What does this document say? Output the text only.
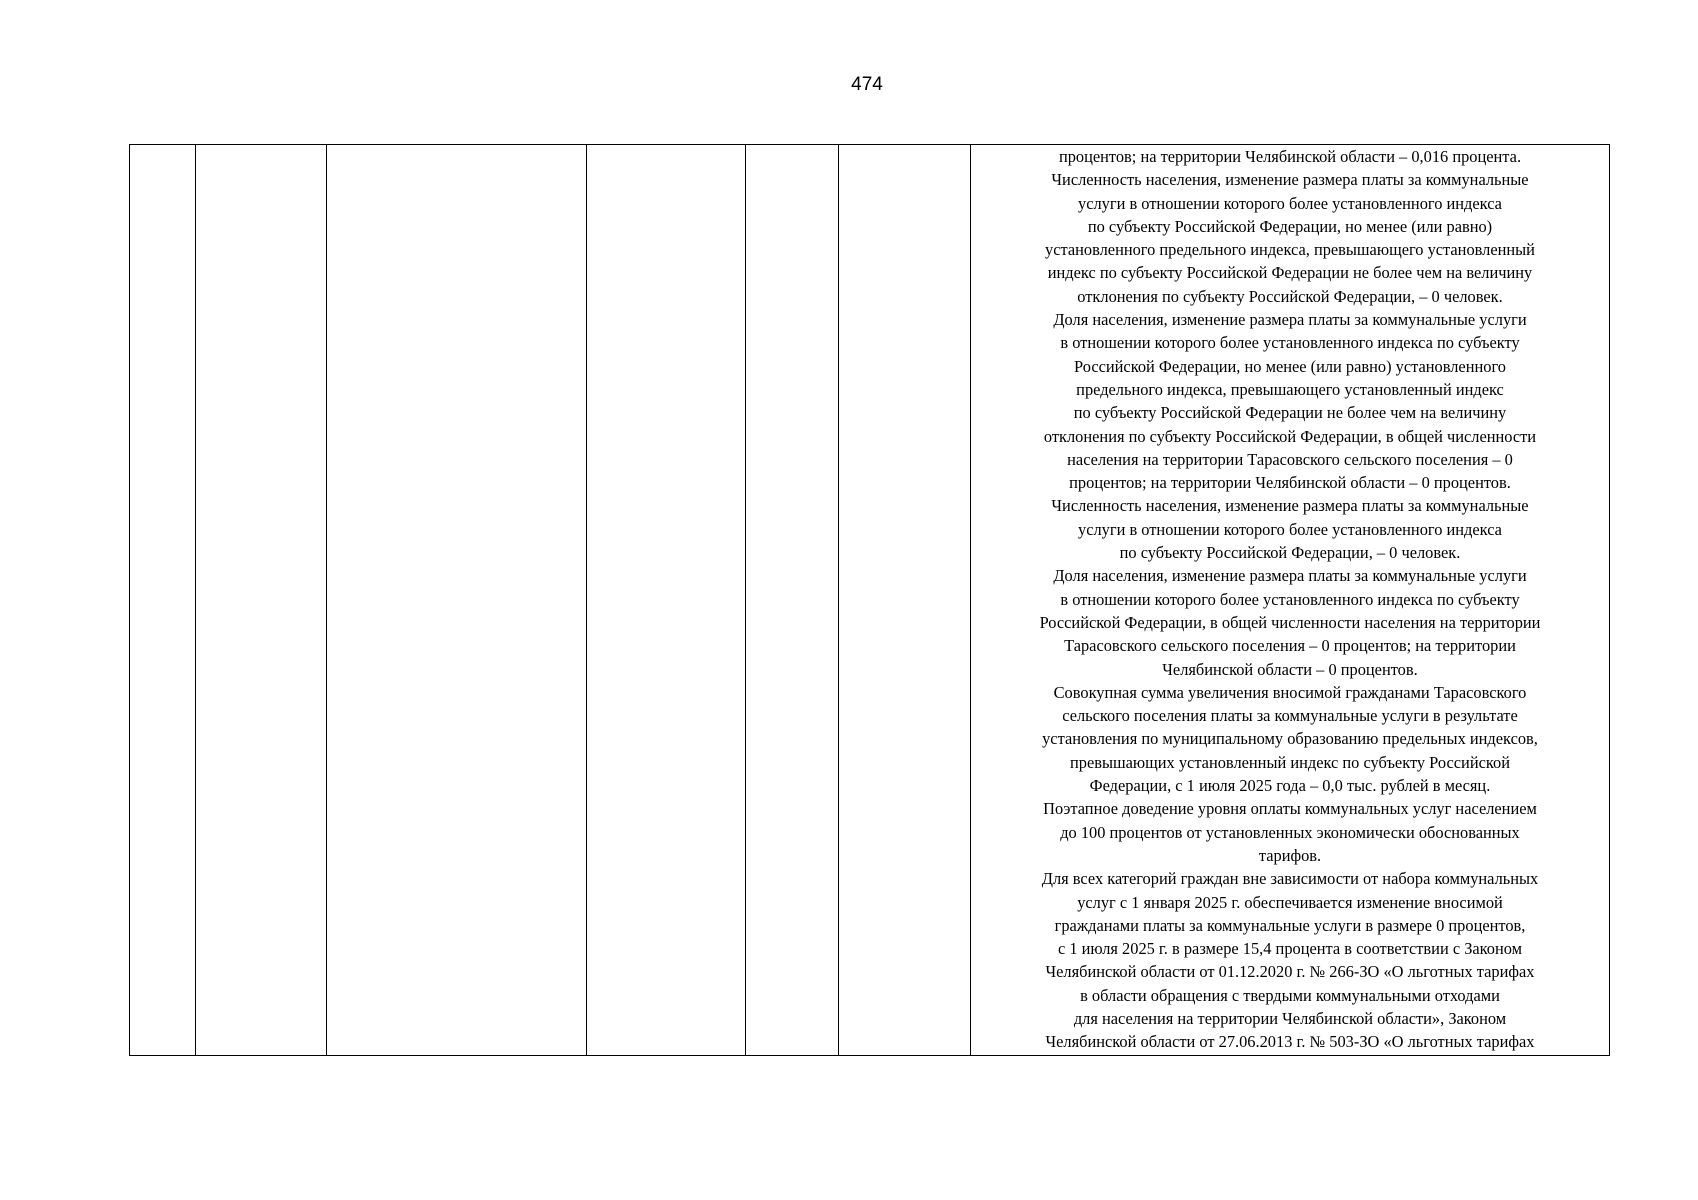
474

процентов; на территории Челябинской области – 0,016 процента.
Численность населения, изменение размера платы за коммунальные
услуги в отношении которого более установленного индекса
по субъекту Российской Федерации, но менее (или равно)
установленного предельного индекса, превышающего установленный
индекс по субъекту Российской Федерации не более чем на величину
отклонения по субъекту Российской Федерации, – 0 человек.
Доля населения, изменение размера платы за коммунальные услуги
в отношении которого более установленного индекса по субъекту
Российской Федерации, но менее (или равно) установленного
предельного индекса, превышающего установленный индекс
по субъекту Российской Федерации не более чем на величину
отклонения по субъекту Российской Федерации, в общей численности
населения на территории Тарасовского сельского поселения – 0
процентов; на территории Челябинской области – 0 процентов.
Численность населения, изменение размера платы за коммунальные
услуги в отношении которого более установленного индекса
по субъекту Российской Федерации, – 0 человек.
Доля населения, изменение размера платы за коммунальные услуги
в отношении которого более установленного индекса по субъекту
Российской Федерации, в общей численности населения на территории
Тарасовского сельского поселения – 0 процентов; на территории
Челябинской области – 0 процентов.
Совокупная сумма увеличения вносимой гражданами Тарасовского
сельского поселения платы за коммунальные услуги в результате
установления по муниципальному образованию предельных индексов,
превышающих установленный индекс по субъекту Российской
Федерации, с 1 июля 2025 года – 0,0 тыс. рублей в месяц.
Поэтапное доведение уровня оплаты коммунальных услуг населением
до 100 процентов от установленных экономически обоснованных
тарифов.
Для всех категорий граждан вне зависимости от набора коммунальных
услуг с 1 января 2025 г. обеспечивается изменение вносимой
гражданами платы за коммунальные услуги в размере 0 процентов,
с 1 июля 2025 г. в размере 15,4 процента в соответствии с Законом
Челябинской области от 01.12.2020 г. № 266-ЗО «О льготных тарифах
в области обращения с твердыми коммунальными отходами
для населения на территории Челябинской области», Законом
Челябинской области от 27.06.2013 г. № 503-ЗО «О льготных тарифах
